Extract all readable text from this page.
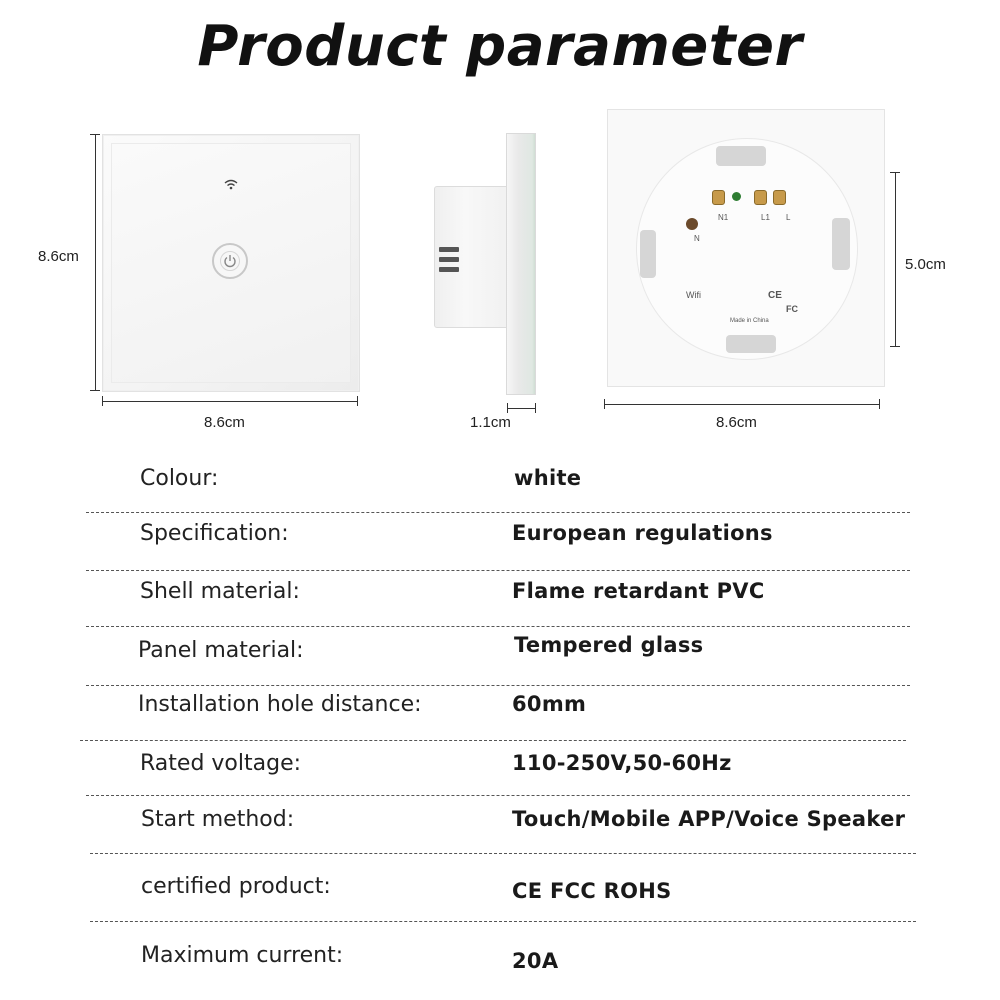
Product parameter
8.6cm
8.6cm	1.1cm
N1	L1 L
N
Wifi	CE
FC
Made in China
5.0cm
8.6cm
Colour:	white
Specification:	European regulations
Shell material:	Flame retardant PVC
Panel material:	Tempered glass
Installation hole distance:	60mm
Rated voltage:	110-250V,50-60Hz
Start method:	Touch/Mobile APP/Voice Speaker
certified product:	CE FCC ROHS
Maximum current:	20A
